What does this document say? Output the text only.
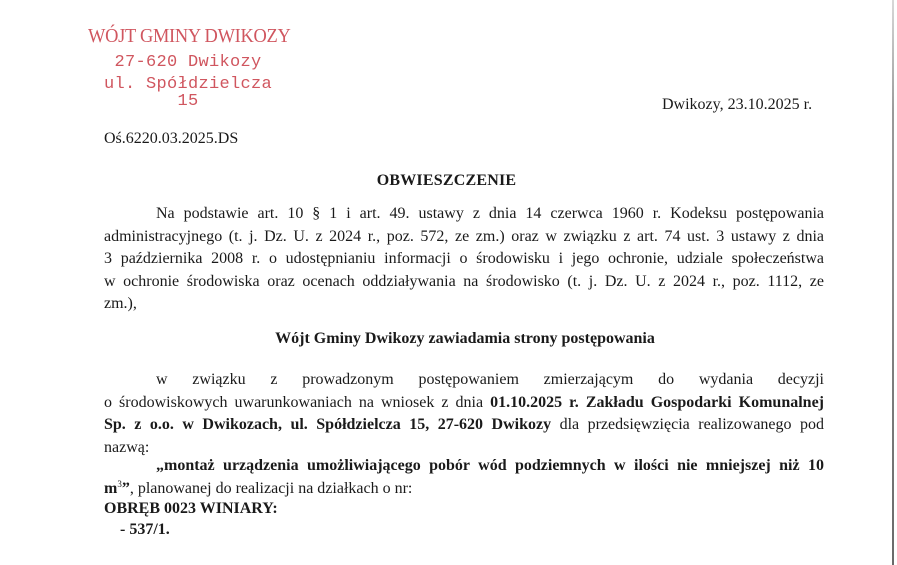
WÓJT GMINY DWIKOZY
27-620 Dwikozy
ul. Spółdzielcza 15	Dwikozy, 23.10.2025 r.
Oś.6220.03.2025.DS
OBWIESZCZENIE
Na podstawie art. 10 § 1 i art. 49. ustawy z dnia 14 czerwca 1960 r. Kodeksu postępowania
administracyjnego (t. j. Dz. U. z 2024 r., poz. 572, ze zm.) oraz w związku z art. 74 ust. 3 ustawy z dnia
3 października 2008 r. o udostępnianiu informacji o środowisku i jego ochronie, udziale społeczeństwa
w ochronie środowiska oraz ocenach oddziaływania na środowisko (t. j. Dz. U. z 2024 r., poz. 1112, ze
zm.),
Wójt Gminy Dwikozy zawiadamia strony postępowania
w związku z prowadzonym postępowaniem zmierzającym do wydania decyzji
o środowiskowych uwarunkowaniach na wniosek z dnia 01.10.2025 r. Zakładu Gospodarki Komunalnej
Sp. z o.o. w Dwikozach, ul. Spółdzielcza 15, 27-620 Dwikozy dla przedsięwzięcia realizowanego pod
nazwą:
„montaż urządzenia umożliwiającego pobór wód podziemnych w ilości nie mniejszej niż 10
$m^3$”, planowanej do realizacji na działkach o nr:
OBRĘB 0023 WINIARY:
- 537/1.
